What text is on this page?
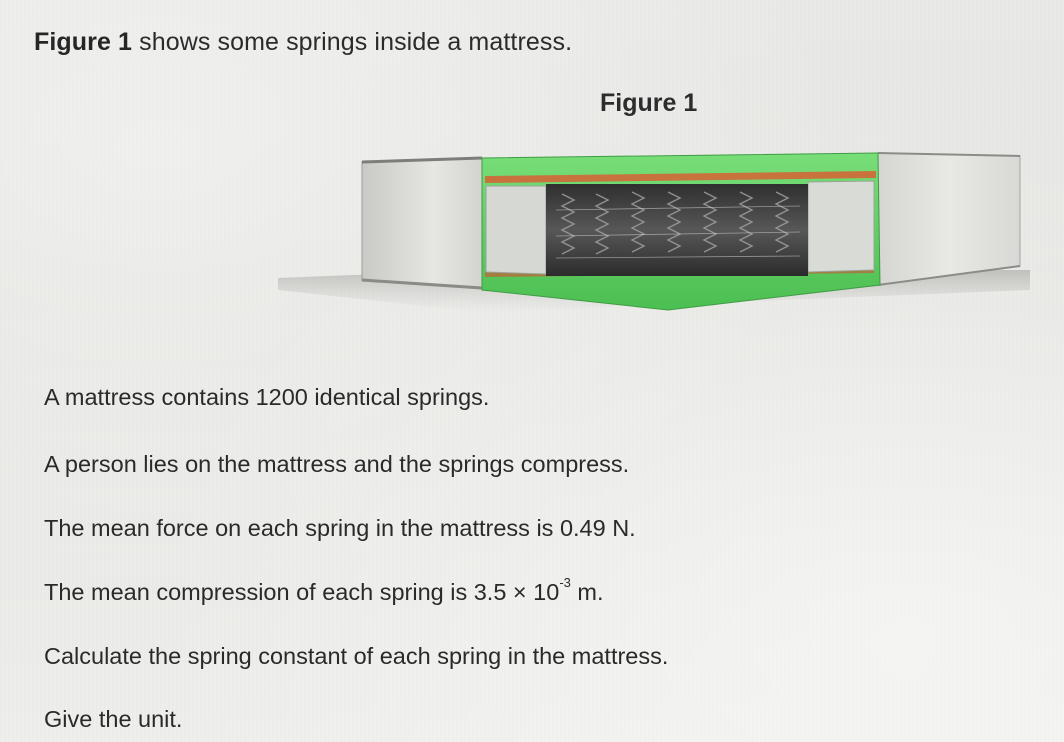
Figure 1 shows some springs inside a mattress.
Figure 1
A mattress contains 1200 identical springs.
A person lies on the mattress and the springs compress.
The mean force on each spring in the mattress is 0.49 N.
The mean compression of each spring is $3.5 \times 10^{-3}$ m.
Calculate the spring constant of each spring in the mattress.
Give the unit.
